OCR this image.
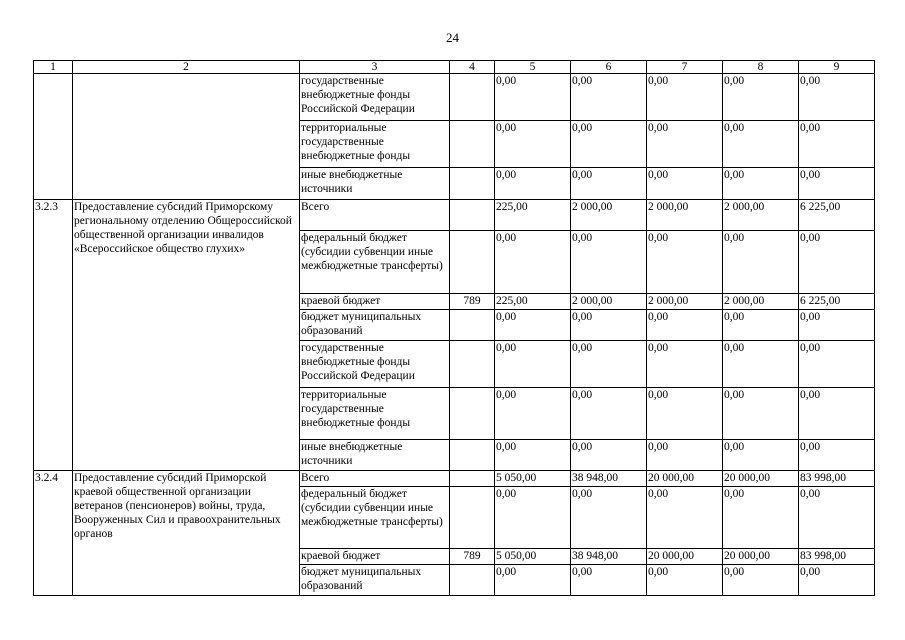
24
1	2	3	4	5	6	7	8	9
		государственные внебюджетные фонды Российской Федерации		0,00	0,00	0,00	0,00	0,00
		территориальные государственные внебюджетные фонды		0,00	0,00	0,00	0,00	0,00
		иные внебюджетные источники		0,00	0,00	0,00	0,00	0,00
3.2.3	Предоставление субсидий Приморскому региональному отделению Общероссийской общественной организации инвалидов «Всероссийское общество глухих»	Всего		225,00	2 000,00	2 000,00	2 000,00	6 225,00
		федеральный бюджет (субсидии субвенции иные межбюджетные трансферты)		0,00	0,00	0,00	0,00	0,00
		краевой бюджет	789	225,00	2 000,00	2 000,00	2 000,00	6 225,00
		бюджет муниципальных образований		0,00	0,00	0,00	0,00	0,00
		государственные внебюджетные фонды Российской Федерации		0,00	0,00	0,00	0,00	0,00
		территориальные государственные внебюджетные фонды		0,00	0,00	0,00	0,00	0,00
		иные внебюджетные источники		0,00	0,00	0,00	0,00	0,00
3.2.4	Предоставление субсидий Приморской краевой общественной организации ветеранов (пенсионеров) войны, труда, Вооруженных Сил и правоохранительных органов	Всего		5 050,00	38 948,00	20 000,00	20 000,00	83 998,00
		федеральный бюджет (субсидии субвенции иные межбюджетные трансферты)		0,00	0,00	0,00	0,00	0,00
		краевой бюджет	789	5 050,00	38 948,00	20 000,00	20 000,00	83 998,00
		бюджет муниципальных образований		0,00	0,00	0,00	0,00	0,00
